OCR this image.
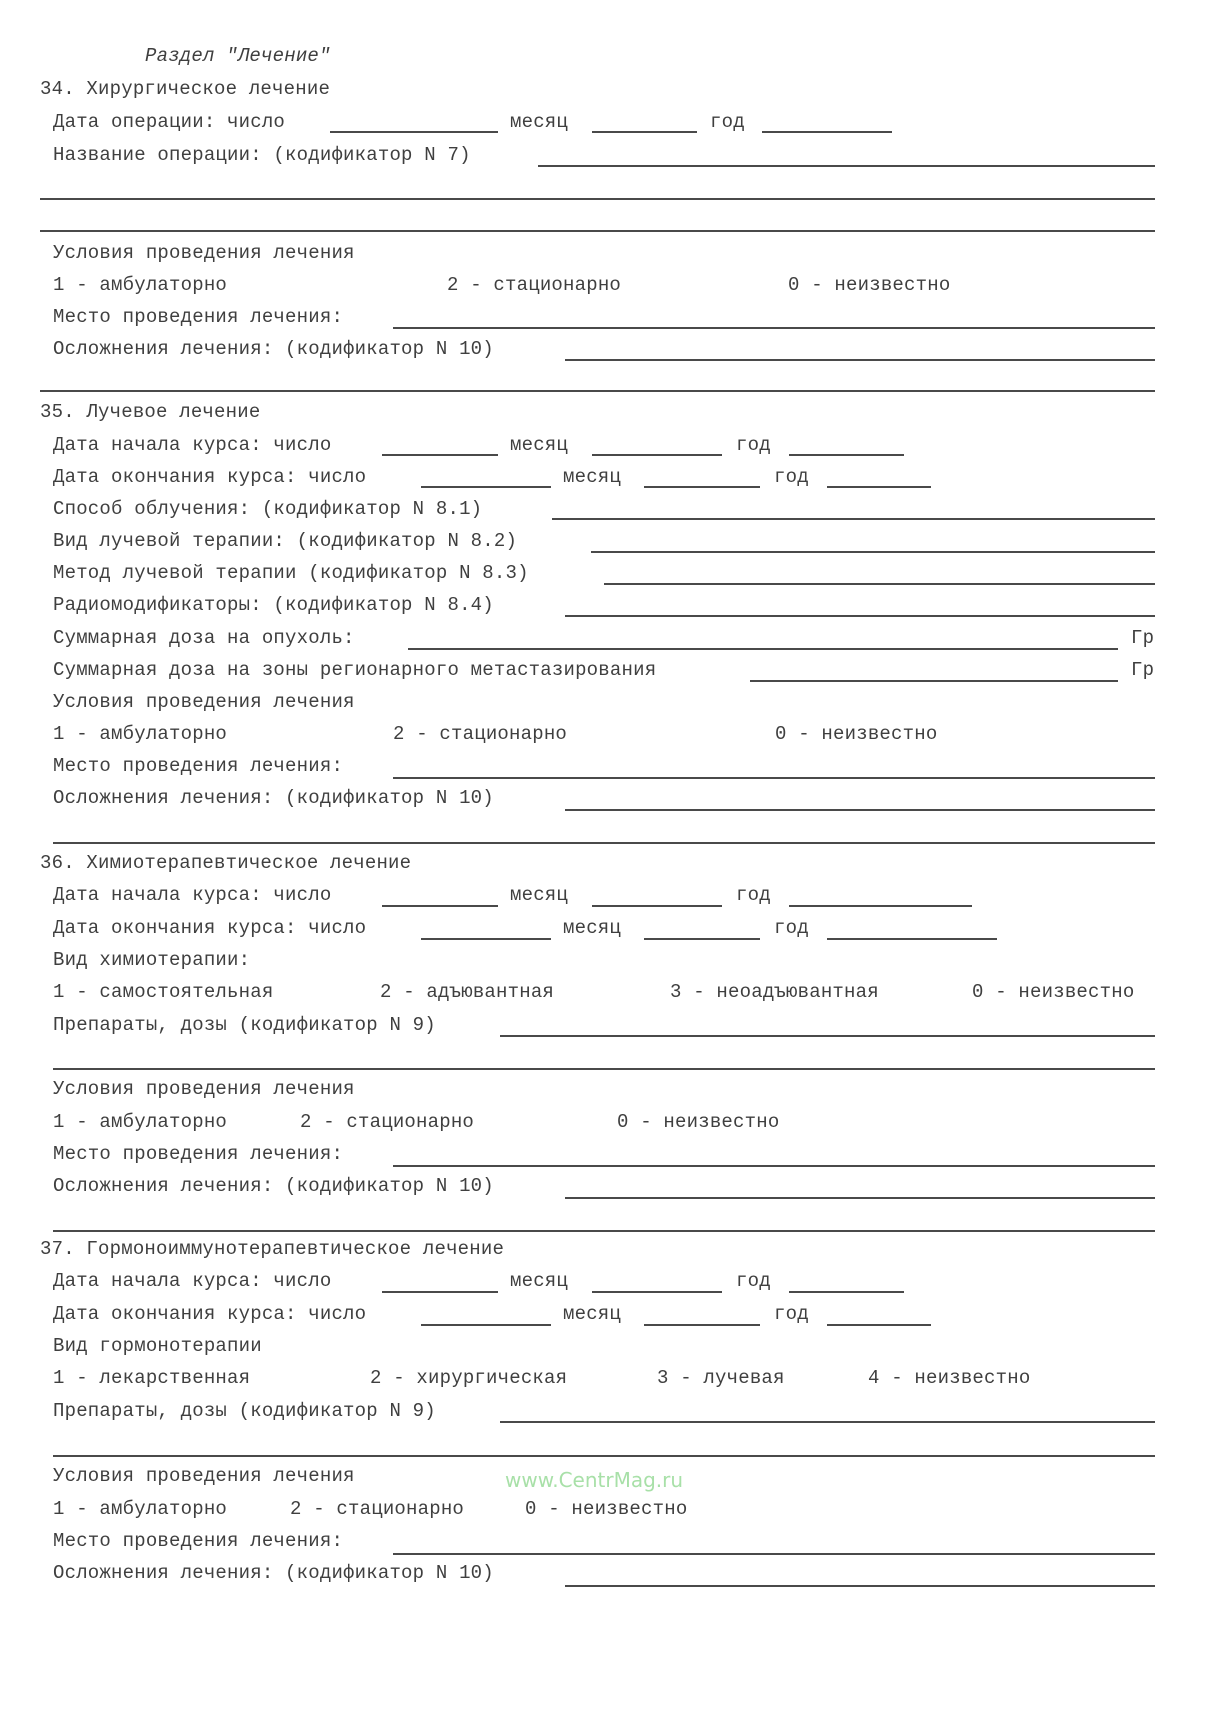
Раздел "Лечение"
34. Хирургическое лечение
Дата операции: число	месяц	год
Название операции: (кодификатор N 7)
Условия проведения лечения
1 - амбулаторно	2 - стационарно	0 - неизвестно
Место проведения лечения:
Осложнения лечения: (кодификатор N 10)
35. Лучевое лечение
Дата начала курса: число	месяц	год
Дата окончания курса: число	месяц	год
Способ облучения: (кодификатор N 8.1)
Вид лучевой терапии: (кодификатор N 8.2)
Метод лучевой терапии (кодификатор N 8.3)
Радиомодификаторы: (кодификатор N 8.4)
Суммарная доза на опухоль:	Гр
Суммарная доза на зоны регионарного метастазирования	Гр
Условия проведения лечения
1 - амбулаторно	2 - стационарно	0 - неизвестно
Место проведения лечения:
Осложнения лечения: (кодификатор N 10)
36. Химиотерапевтическое лечение
Дата начала курса: число	месяц	год
Дата окончания курса: число	месяц	год
Вид химиотерапии:
1 - самостоятельная	2 - адъювантная	3 - неоадъювантная	0 - неизвестно
Препараты, дозы (кодификатор N 9)
Условия проведения лечения
1 - амбулаторно	2 - стационарно	0 - неизвестно
Место проведения лечения:
Осложнения лечения: (кодификатор N 10)
37. Гормоноиммунотерапевтическое лечение
Дата начала курса: число	месяц	год
Дата окончания курса: число	месяц	год
Вид гормонотерапии
1 - лекарственная	2 - хирургическая	3 - лучевая	4 - неизвестно
Препараты, дозы (кодификатор N 9)
Условия проведения лечения	www.CentrMag.ru
1 - амбулаторно	2 - стационарно	0 - неизвестно
Место проведения лечения:
Осложнения лечения: (кодификатор N 10)
